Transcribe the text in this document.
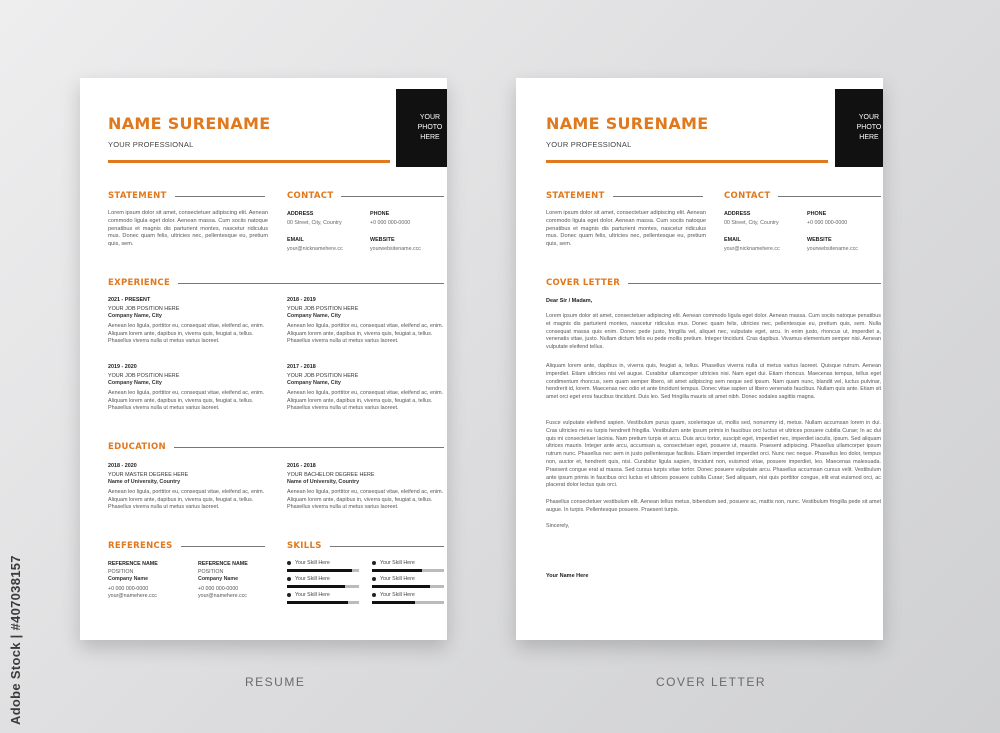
NAME SURENAME
YOUR PROFESSIONAL
YOUR
PHOTO
HERE
STATEMENT
Lorem ipsum dolor sit amet, consectetuer adipiscing elit. Aenean commodo ligula eget dolor. Aenean massa. Cum sociis natoque penatibus et magnis dis parturient montes, nascetur ridiculus mus. Donec quam felis, ultricies nec, pellentesque eu, pretium quis, sem.
CONTACT
ADDRESS
00 Street, City, Country
PHONE
+0 000 000-0000
EMAIL
your@nicknamehere.cc
WEBSITE
yourwebsitename.ccc
EXPERIENCE
2021 - PRESENT
YOUR JOB POSITION HERE
Company Name, City
Aenean leo ligula, porttitor eu, consequat vitae, eleifend ac, enim. Aliquam lorem ante, dapibus in, viverra quis, feugiat a, tellus. Phasellus viverra nulla ut metus varius laoreet.
2018 - 2019
YOUR JOB POSITION HERE
Company Name, City
Aenean leo ligula, porttitor eu, consequat vitae, eleifend ac, enim. Aliquam lorem ante, dapibus in, viverra quis, feugiat a, tellus. Phasellus viverra nulla ut metus varius laoreet.
2019 - 2020
YOUR JOB POSITION HERE
Company Name, City
Aenean leo ligula, porttitor eu, consequat vitae, eleifend ac, enim. Aliquam lorem ante, dapibus in, viverra quis, feugiat a, tellus. Phasellus viverra nulla ut metus varius laoreet.
2017 - 2018
YOUR JOB POSITION HERE
Company Name, City
Aenean leo ligula, porttitor eu, consequat vitae, eleifend ac, enim. Aliquam lorem ante, dapibus in, viverra quis, feugiat a, tellus. Phasellus viverra nulla ut metus varius laoreet.
EDUCATION
2018 - 2020
YOUR MASTER DEGREE HERE
Name of University, Country
Aenean leo ligula, porttitor eu, consequat vitae, eleifend ac, enim. Aliquam lorem ante, dapibus in, viverra quis, feugiat a, tellus. Phasellus viverra nulla ut metus varius laoreet.
2016 - 2018
YOUR BACHELOR DEGREE HERE
Name of University, Country
Aenean leo ligula, porttitor eu, consequat vitae, eleifend ac, enim. Aliquam lorem ante, dapibus in, viverra quis, feugiat a, tellus. Phasellus viverra nulla ut metus varius laoreet.
REFERENCES
REFERENCE NAME
POSITION
Company Name
+0 000 000-0000
your@namehere.ccc
REFERENCE NAME
POSITION
Company Name
+0 000 000-0000
your@namehere.ccc
SKILLS
Your Skill Here
Your Skill Here
Your Skill Here
Your Skill Here
Your Skill Here
Your Skill Here
NAME SURENAME
YOUR PROFESSIONAL
YOUR
PHOTO
HERE
STATEMENT
Lorem ipsum dolor sit amet, consectetuer adipiscing elit. Aenean commodo ligula eget dolor. Aenean massa. Cum sociis natoque penatibus et magnis dis parturient montes, nascetur ridiculus mus. Donec quam felis, ultricies nec, pellentesque eu, pretium quis, sem.
CONTACT
ADDRESS
00 Street, City, Country
PHONE
+0 000 000-0000
EMAIL
your@nicknamehere.cc
WEBSITE
yourwebsitename.ccc
COVER LETTER
Dear Sir / Madam,
Lorem ipsum dolor sit amet, consectetuer adipiscing elit. Aenean commodo ligula eget dolor. Aenean massa. Cum sociis natoque penatibus et magnis dis parturient montes, nascetur ridiculus mus. Donec quam felis, ultricies nec, pellentesque eu, pretium quis, sem. Nulla consequat massa quis enim. Donec pede justo, fringilla vel, aliquet nec, vulputate eget, arcu. In enim justo, rhoncus ut, imperdiet a, venenatis vitae, justo. Nullam dictum felis eu pede mollis pretium. Integer tincidunt. Cras dapibus. Vivamus elementum semper nisi. Aenean vulputate eleifend tellus.
Aliquam lorem ante, dapibus in, viverra quis, feugiat a, tellus. Phasellus viverra nulla ut metus varius laoreet. Quisque rutrum. Aenean imperdiet. Etiam ultricies nisi vel augue. Curabitur ullamcorper ultricies nisi. Nam eget dui. Etiam rhoncus. Maecenas tempus, tellus eget condimentum rhoncus, sem quam semper libero, sit amet adipiscing sem neque sed ipsum. Nam quam nunc, blandit vel, luctus pulvinar, hendrerit id, lorem. Maecenas nec odio et ante tincidunt tempus. Donec vitae sapien ut libero venenatis faucibus. Nullam quis ante. Etiam sit amet orci eget eros faucibus tincidunt. Duis leo. Sed fringilla mauris sit amet nibh. Donec sodales sagittis magna.
Fusce vulputate eleifend sapien. Vestibulum purus quam, scelerisque ut, mollis sed, nonummy id, metus. Nullam accumsan lorem in dui. Cras ultricies mi eu turpis hendrerit fringilla. Vestibulum ante ipsum primis in faucibus orci luctus et ultrices posuere cubilia Curae; In ac dui quis mi consectetuer lacinia. Nam pretium turpis et arcu. Duis arcu tortor, suscipit eget, imperdiet nec, imperdiet iaculis, ipsum. Sed aliquam ultrices mauris. Integer ante arcu, accumsan a, consectetuer eget, posuere ut, mauris. Praesent adipiscing. Phasellus ullamcorper ipsum rutrum nunc. Phasellus nec sem in justo pellentesque facilisis. Etiam imperdiet imperdiet orci. Nunc nec neque. Phasellus leo dolor, tempus non, auctor et, hendrerit quis, nisi. Curabitur ligula sapien, tincidunt non, euismod vitae, posuere imperdiet, leo. Maecenas malesuada. Praesent congue erat at massa. Sed cursus turpis vitae tortor. Donec posuere vulputate arcu. Phasellus accumsan cursus velit. Vestibulum ante ipsum primis in faucibus orci luctus et ultrices posuere cubilia Curae; Sed aliquam, nisi quis porttitor congue, elit erat euismod orci, ac placerat dolor lectus quis orci.
Phasellus consectetuer vestibulum elit. Aenean tellus metus, bibendum sed, posuere ac, mattis non, nunc. Vestibulum fringilla pede sit amet augue. In turpis. Pellentesque posuere. Praesent turpis.
Sincerely,
Your Name Here
RESUME	COVER LETTER
Adobe Stock | #407038157
